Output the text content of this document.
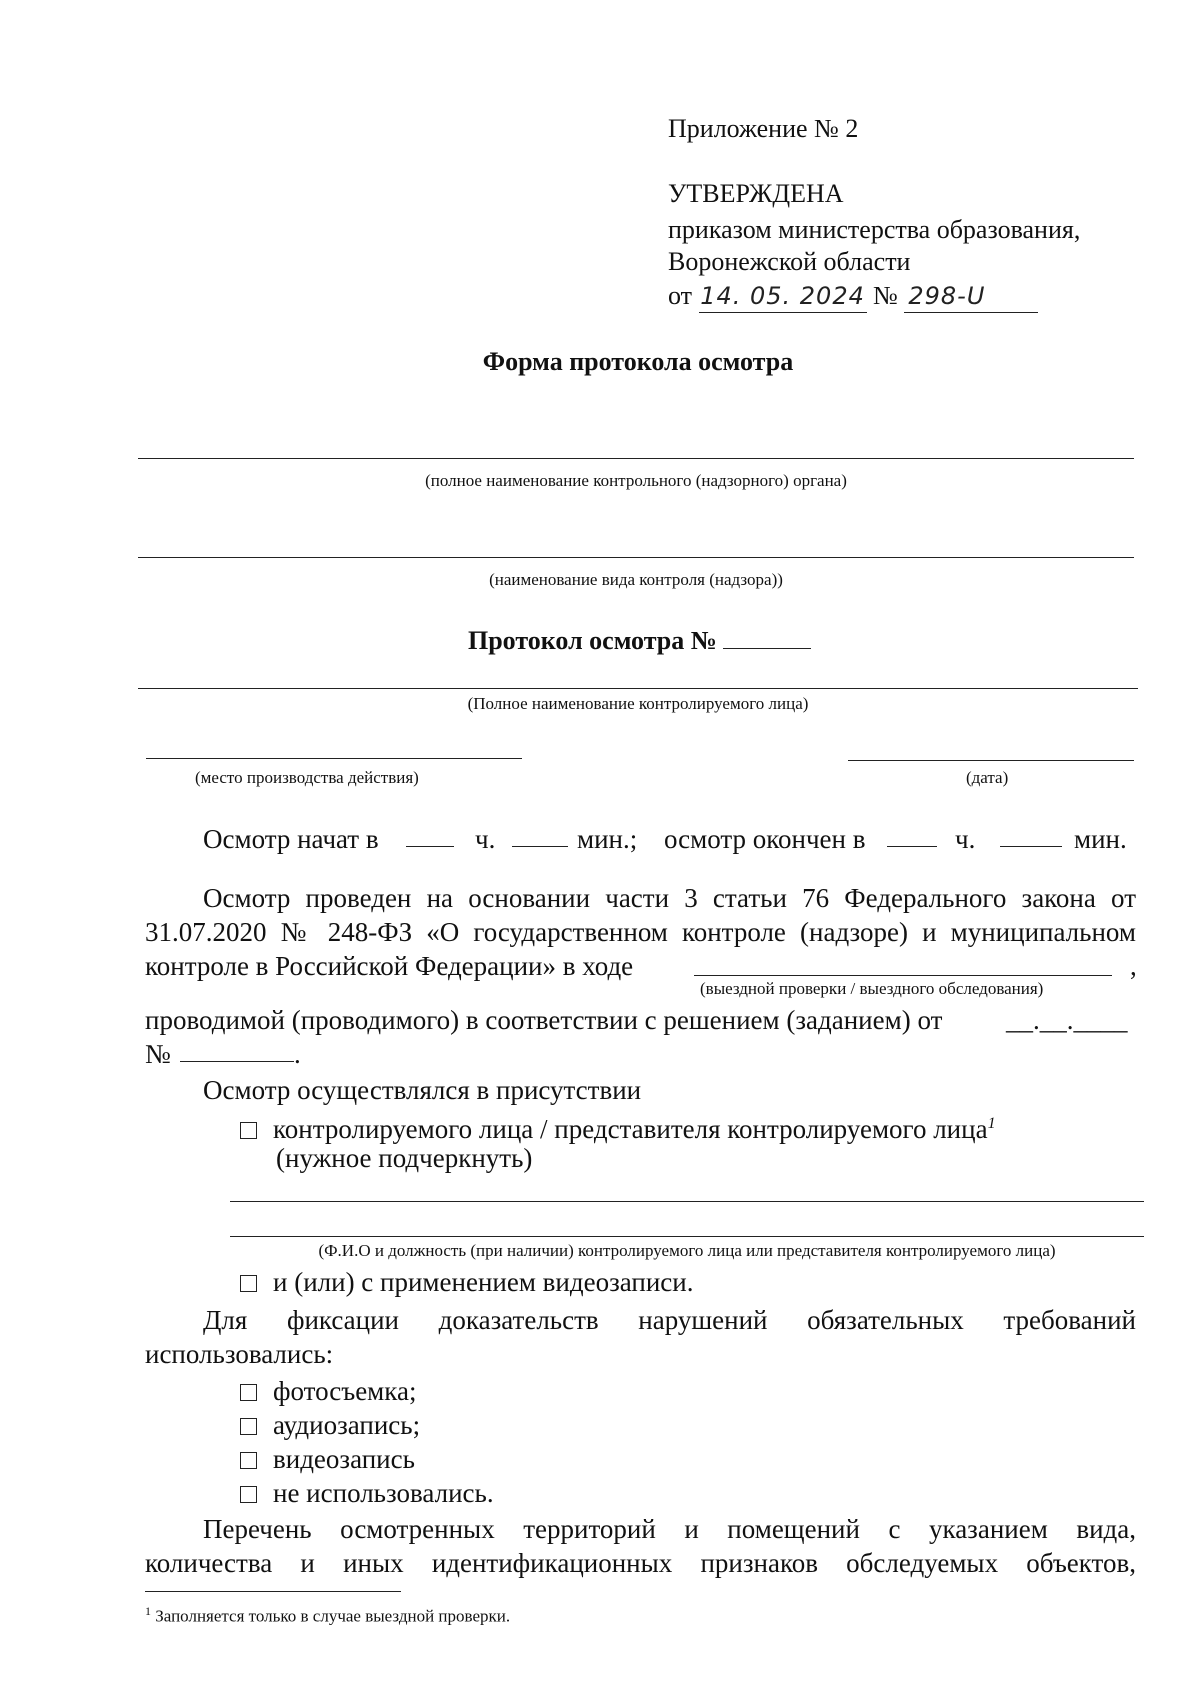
Приложение № 2
УТВЕРЖДЕНА
приказом министерства образования,
Воронежской области
от 14. 05. 2024 № 298-U
Форма протокола осмотра
(полное наименование контрольного (надзорного) органа)
(наименование вида контроля (надзора))
Протокол осмотра №
(Полное наименование контролируемого лица)
(место производства действия)	(дата)
Осмотр начат в	ч.	мин.; осмотр окончен в	ч.	мин.
Осмотр проведен на основании части 3 статьи 76 Федерального закона от
31.07.2020 № 248-ФЗ «О государственном контроле (надзоре) и муниципальном
контроле в Российской Федерации» в ходе	,
(выездной проверки / выездного обследования)
проводимой (проводимого) в соответствии с решением (заданием) от __.__.____
№	.
Осмотр осуществлялся в присутствии
контролируемого лица / представителя контролируемого лица$^1$
(нужное подчеркнуть)
(Ф.И.О и должность (при наличии) контролируемого лица или представителя контролируемого лица)
и (или) с применением видеозаписи.
Для фиксации доказательств нарушений обязательных требований
использовались:
фотосъемка;
аудиозапись;
видеозапись
не использовались.
Перечень осмотренных территорий и помещений с указанием вида,
количества и иных идентификационных признаков обследуемых объектов,
$^1$ Заполняется только в случае выездной проверки.
